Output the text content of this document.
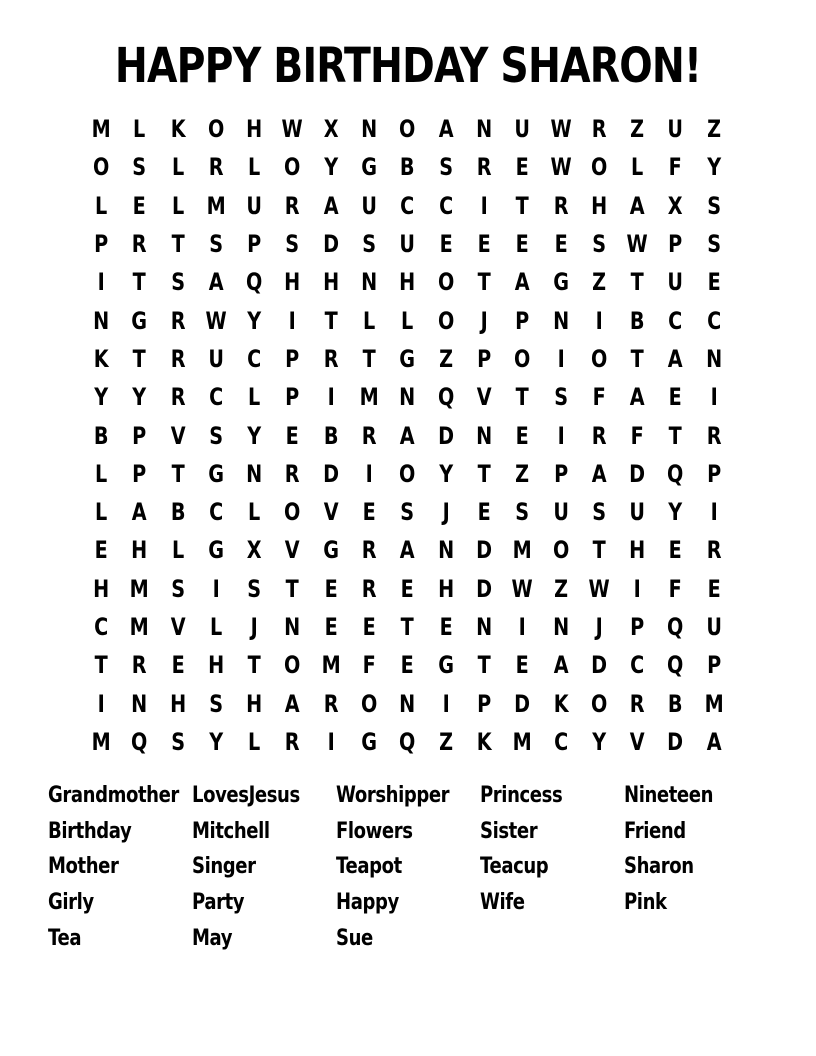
HAPPY BIRTHDAY SHARON!
M L	K O H W X N O A N U W R Z U Z
O S	L	R	L	O Y G B	S R	E W O	L	F	Y
L	E	L M U R A U C	C	I	T	R H A X S
P R	T	S	P	S D S U E	E	E	E	S W P	S
I	T	S A Q H H N H O T	A G Z	T U E
N G R W Y	I	T	L	L	O	J	P N	I	B C	C
K	T	R U C	P R	T G Z	P O	I	O T	A N
Y	Y R C	L	P	I	M N Q V	T	S	F	A	E	I
B P V S	Y	E	B R A D N E	I	R	F	T	R
L	P	T G N R D	I	O Y	T	Z	P A D Q P
L	A B C	L	O V	E	S	J	E	S U S U Y	I
E H	L	G X V G R A N D M O T H E	R
H M S	I	S	T	E	R	E H D W Z W	I	F	E
C M V	L	J	N E	E	T	E N	I	N	J	P Q U
T	R	E H T O M F	E G T	E	A D C Q P
I	N H S H A R O N	I	P D K O R B M
M Q S	Y	L	R	I	G Q Z K M C	Y V D A
Grandmother LovesJesus	Worshipper Princess	Nineteen
Birthday	Mitchell	Flowers	Sister	Friend
Mother	Singer	Teapot	Teacup	Sharon
Girly	Party	Happy	Wife	Pink
Tea	May	Sue
